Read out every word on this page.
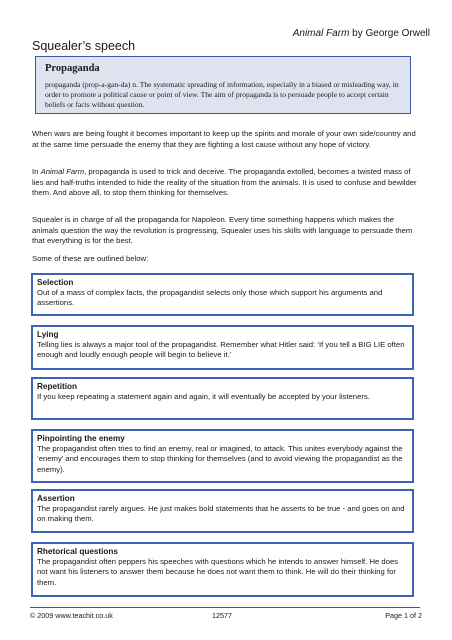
Animal Farm by George Orwell
Squealer’s speech
Propaganda
propaganda (prop-a-gan-da) n. The systematic spreading of information, especially in a biased or misleading way, in order to promote a political cause or point of view. The aim of propaganda is to persuade people to accept certain beliefs or facts without question.
When wars are being fought it becomes important to keep up the spirits and morale of your own side/country and at the same time persuade the enemy that they are fighting a lost cause without any hope of victory.
In Animal Farm, propaganda is used to trick and deceive. The propaganda extolled, becomes a twisted mass of lies and half-truths intended to hide the reality of the situation from the animals. It is used to confuse and bewilder them. And above all, to stop them thinking for themselves.
Squealer is in charge of all the propaganda for Napoleon. Every time something happens which makes the animals question the way the revolution is progressing, Squealer uses his skills with language to persuade them that everything is for the best.
Some of these are outlined below:
Selection
Out of a mass of complex facts, the propagandist selects only those which support his arguments and assertions.
Lying
Telling lies is always a major tool of the propagandist. Remember what Hitler said: ‘If you tell a BIG LIE often enough and loudly enough people will begin to believe it.’
Repetition
If you keep repeating a statement again and again, it will eventually be accepted by your listeners.
Pinpointing the enemy
The propagandist often tries to find an enemy, real or imagined, to attack. This unites everybody against the ‘enemy’ and encourages them to stop thinking for themselves (and to avoid viewing the propagandist as the enemy).
Assertion
The propagandist rarely argues. He just makes bold statements that he asserts to be true - and goes on and on making them.
Rhetorical questions
The propagandist often peppers his speeches with questions which he intends to answer himself. He does not want his listeners to answer them because he does not want them to think. He will do their thinking for them.
© 2009 www.teachit.co.uk	12577	Page 1 of 2
